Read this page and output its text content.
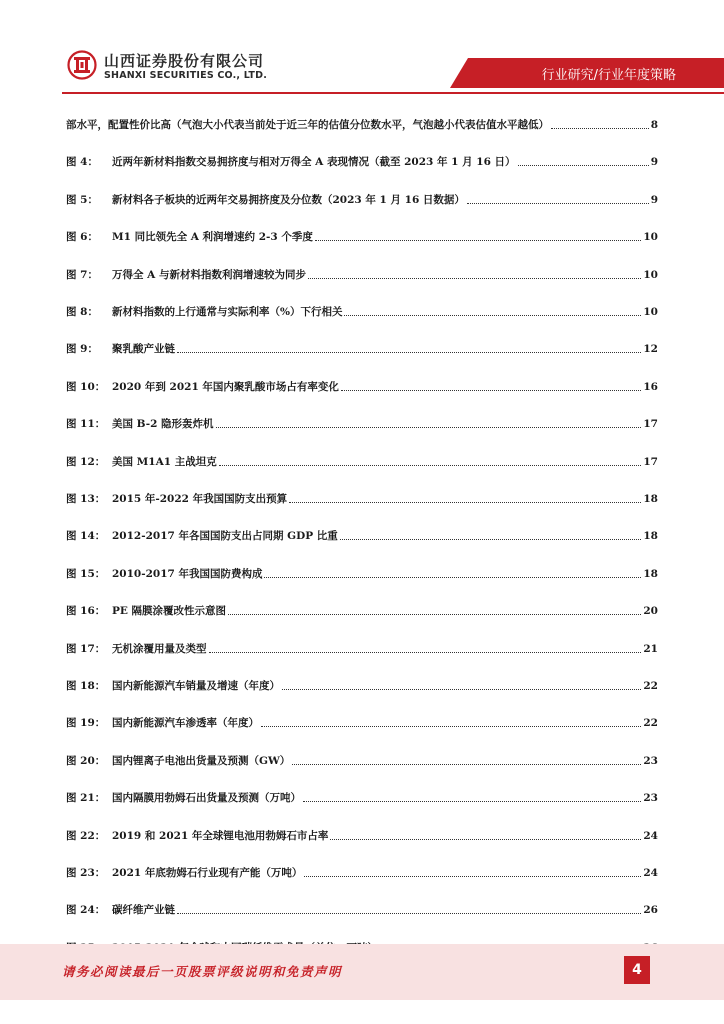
山西证券股份有限公司
SHANXI SECURITIES CO., LTD.	行业研究/行业年度策略
部水平，配置性价比高（气泡大小代表当前处于近三年的估值分位数水平，气泡越小代表估值水平越低）	8
图 4：	近两年新材料指数交易拥挤度与相对万得全 A 表现情况（截至 2023 年 1 月 16 日）	9
图 5：	新材料各子板块的近两年交易拥挤度及分位数（2023 年 1 月 16 日数据）	9
图 6：	M1 同比领先全 A 利润增速约 2-3 个季度	10
图 7：	万得全 A 与新材料指数利润增速较为同步	10
图 8：	新材料指数的上行通常与实际利率（%）下行相关	10
图 9：	聚乳酸产业链	12
图 10： 2020 年到 2021 年国内聚乳酸市场占有率变化	16
图 11： 美国 B-2 隐形轰炸机	17
图 12： 美国 M1A1 主战坦克	17
图 13： 2015 年-2022 年我国国防支出预算	18
图 14： 2012-2017 年各国国防支出占同期 GDP 比重	18
图 15： 2010-2017 年我国国防费构成	18
图 16： PE 隔膜涂覆改性示意图	20
图 17： 无机涂覆用量及类型	21
图 18： 国内新能源汽车销量及增速（年度）	22
图 19： 国内新能源汽车渗透率（年度）	22
图 20： 国内锂离子电池出货量及预测（GW）	23
图 21： 国内隔膜用勃姆石出货量及预测（万吨）	23
图 22： 2019 和 2021 年全球锂电池用勃姆石市占率	24
图 23： 2021 年底勃姆石行业现有产能（万吨）	24
图 24： 碳纤维产业链	26
请务必阅读最后一页股票评级说明和免责声明	4
